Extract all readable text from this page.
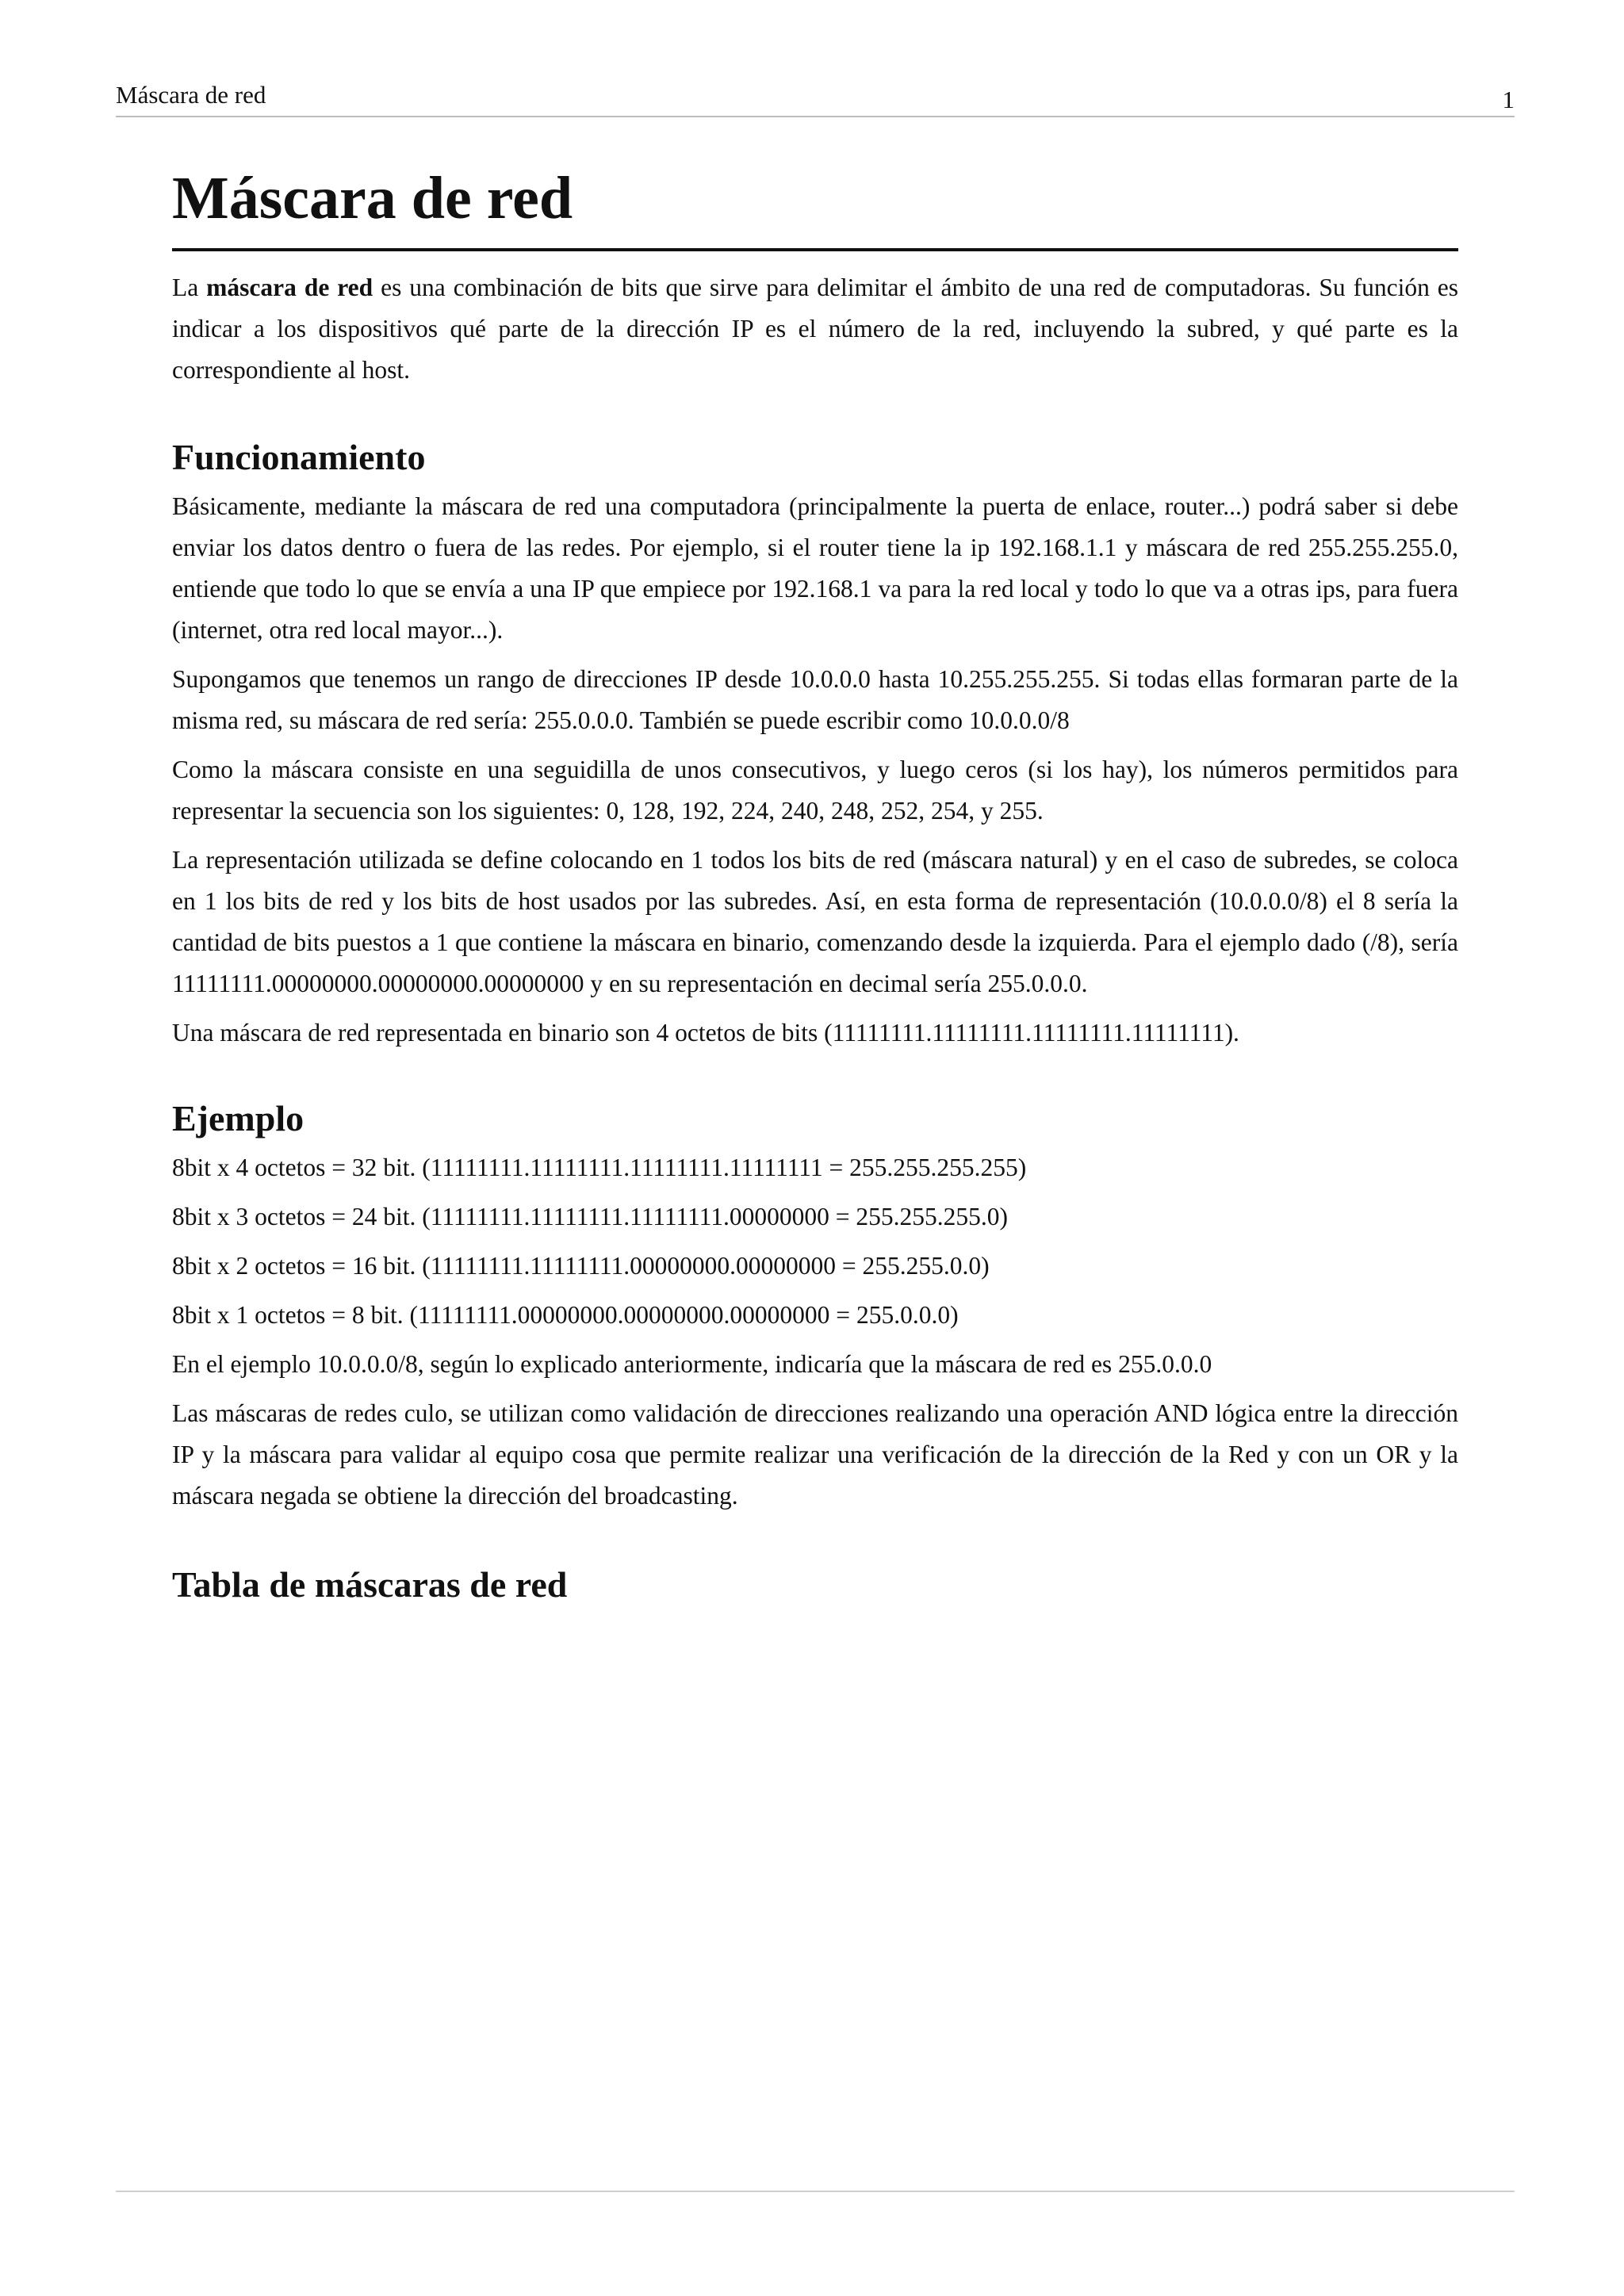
Máscara de red	1
Máscara de red

La máscara de red es una combinación de bits que sirve para delimitar el ámbito de una red de computadoras. Su función es indicar a los dispositivos qué parte de la dirección IP es el número de la red, incluyendo la subred, y qué parte es la correspondiente al host.

Funcionamiento

Básicamente, mediante la máscara de red una computadora (principalmente la puerta de enlace, router...) podrá saber si debe enviar los datos dentro o fuera de las redes. Por ejemplo, si el router tiene la ip 192.168.1.1 y máscara de red 255.255.255.0, entiende que todo lo que se envía a una IP que empiece por 192.168.1 va para la red local y todo lo que va a otras ips, para fuera (internet, otra red local mayor...).

Supongamos que tenemos un rango de direcciones IP desde 10.0.0.0 hasta 10.255.255.255. Si todas ellas formaran parte de la misma red, su máscara de red sería: 255.0.0.0. También se puede escribir como 10.0.0.0/8

Como la máscara consiste en una seguidilla de unos consecutivos, y luego ceros (si los hay), los números permitidos para representar la secuencia son los siguientes: 0, 128, 192, 224, 240, 248, 252, 254, y 255.

La representación utilizada se define colocando en 1 todos los bits de red (máscara natural) y en el caso de subredes, se coloca en 1 los bits de red y los bits de host usados por las subredes. Así, en esta forma de representación (10.0.0.0/8) el 8 sería la cantidad de bits puestos a 1 que contiene la máscara en binario, comenzando desde la izquierda. Para el ejemplo dado (/8), sería 11111111.00000000.00000000.00000000 y en su representación en decimal sería 255.0.0.0.

Una máscara de red representada en binario son 4 octetos de bits (11111111.11111111.11111111.11111111).

Ejemplo

8bit x 4 octetos = 32 bit. (11111111.11111111.11111111.11111111 = 255.255.255.255)

8bit x 3 octetos = 24 bit. (11111111.11111111.11111111.00000000 = 255.255.255.0)

8bit x 2 octetos = 16 bit. (11111111.11111111.00000000.00000000 = 255.255.0.0)

8bit x 1 octetos = 8 bit. (11111111.00000000.00000000.00000000 = 255.0.0.0)

En el ejemplo 10.0.0.0/8, según lo explicado anteriormente, indicaría que la máscara de red es 255.0.0.0

Las máscaras de redes culo, se utilizan como validación de direcciones realizando una operación AND lógica entre la dirección IP y la máscara para validar al equipo cosa que permite realizar una verificación de la dirección de la Red y con un OR y la máscara negada se obtiene la dirección del broadcasting.

Tabla de máscaras de red
